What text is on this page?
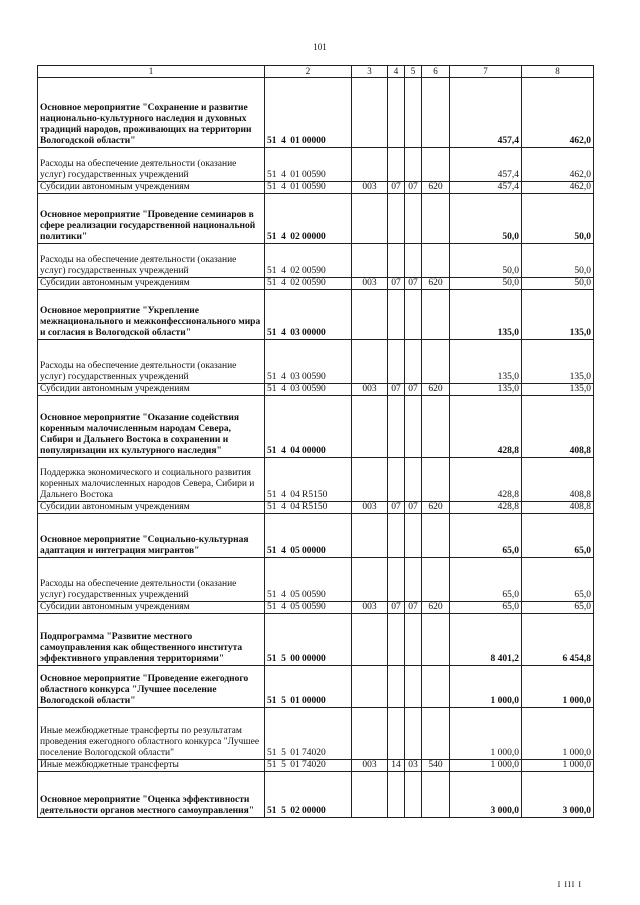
101
1	2	3	4	5	6	7	8
Основное мероприятие "Сохранение и развитие национально-культурного наследия и духовных традиций народов, проживающих на территории Вологодской области"	51 4 01 00000					457,4	462,0
Расходы на обеспечение деятельности (оказание услуг) государственных учреждений	51 4 01 00590					457,4	462,0
Субсидии автономным учреждениям	51 4 01 00590	003	07	07	620	457,4	462,0
Основное мероприятие "Проведение семинаров в сфере реализации государственной национальной политики"	51 4 02 00000					50,0	50,0
Расходы на обеспечение деятельности (оказание услуг) государственных учреждений	51 4 02 00590					50,0	50,0
Субсидии автономным учреждениям	51 4 02 00590	003	07	07	620	50,0	50,0
Основное мероприятие "Укрепление межнационального и межконфессионального мира и согласия в Вологодской области"	51 4 03 00000					135,0	135,0
Расходы на обеспечение деятельности (оказание услуг) государственных учреждений	51 4 03 00590					135,0	135,0
Субсидии автономным учреждениям	51 4 03 00590	003	07	07	620	135,0	135,0
Основное мероприятие "Оказание содействия коренным малочисленным народам Севера, Сибири и Дальнего Востока в сохранении и популяризации их культурного наследия"	51 4 04 00000					428,8	408,8
Поддержка экономического и социального развития коренных малочисленных народов Севера, Сибири и Дальнего Востока	51 4 04 R5150					428,8	408,8
Субсидии автономным учреждениям	51 4 04 R5150	003	07	07	620	428,8	408,8
Основное мероприятие "Социально-культурная адаптация и интеграция мигрантов"	51 4 05 00000					65,0	65,0
Расходы на обеспечение деятельности (оказание услуг) государственных учреждений	51 4 05 00590					65,0	65,0
Субсидии автономным учреждениям	51 4 05 00590	003	07	07	620	65,0	65,0
Подпрограмма "Развитие местного самоуправления как общественного института эффективного управления территориями"	51 5 00 00000					8 401,2	6 454,8
Основное мероприятие "Проведение ежегодного областного конкурса "Лучшее поселение Вологодской области"	51 5 01 00000					1 000,0	1 000,0
Иные межбюджетные трансферты по результатам проведения ежегодного областного конкурса "Лучшее поселение Вологодской области"	51 5 01 74020					1 000,0	1 000,0
Иные межбюджетные трансферты	51 5 01 74020	003	14	03	540	1 000,0	1 000,0
Основное мероприятие "Оценка эффективности деятельности органов местного самоуправления"	51 5 02 00000					3 000,0	3 000,0
I III I
